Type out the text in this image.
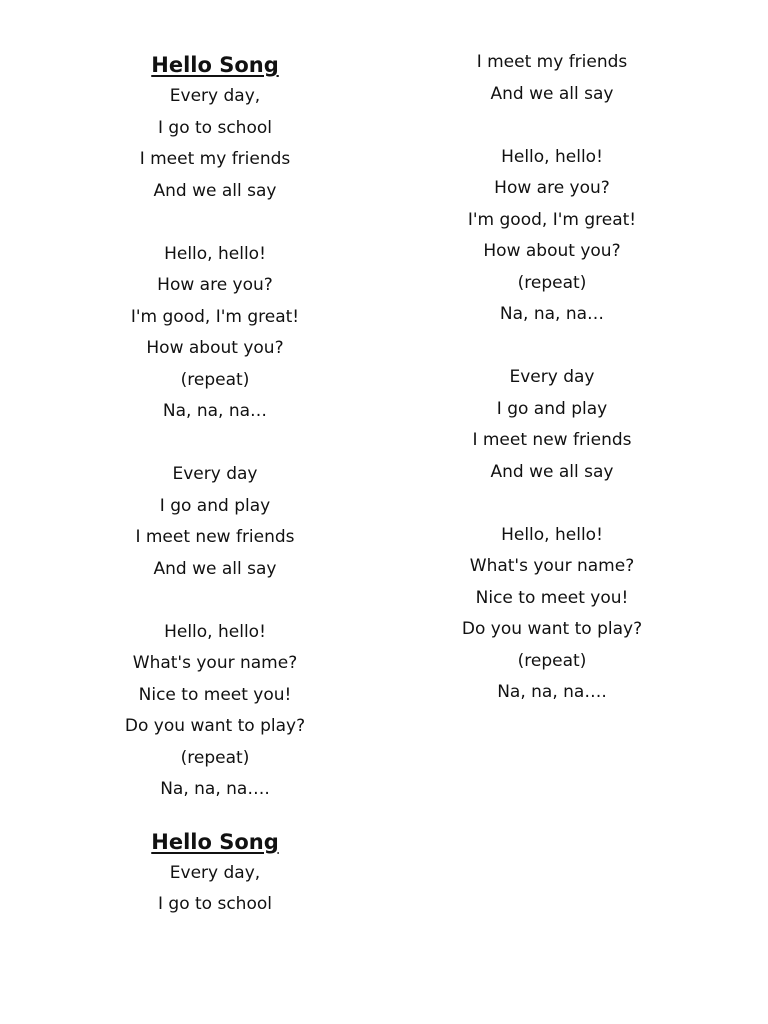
Hello Song
Every day,
I go to school
I meet my friends
And we all say
Hello, hello!
How are you?
I'm good, I'm great!
How about you?
(repeat)
Na, na, na…
Every day
I go and play
I meet new friends
And we all say
Hello, hello!
What's your name?
Nice to meet you!
Do you want to play?
(repeat)
Na, na, na….
Hello Song
Every day,
I go to school
I meet my friends
And we all say
Hello, hello!
How are you?
I'm good, I'm great!
How about you?
(repeat)
Na, na, na…
Every day
I go and play
I meet new friends
And we all say
Hello, hello!
What's your name?
Nice to meet you!
Do you want to play?
(repeat)
Na, na, na….
